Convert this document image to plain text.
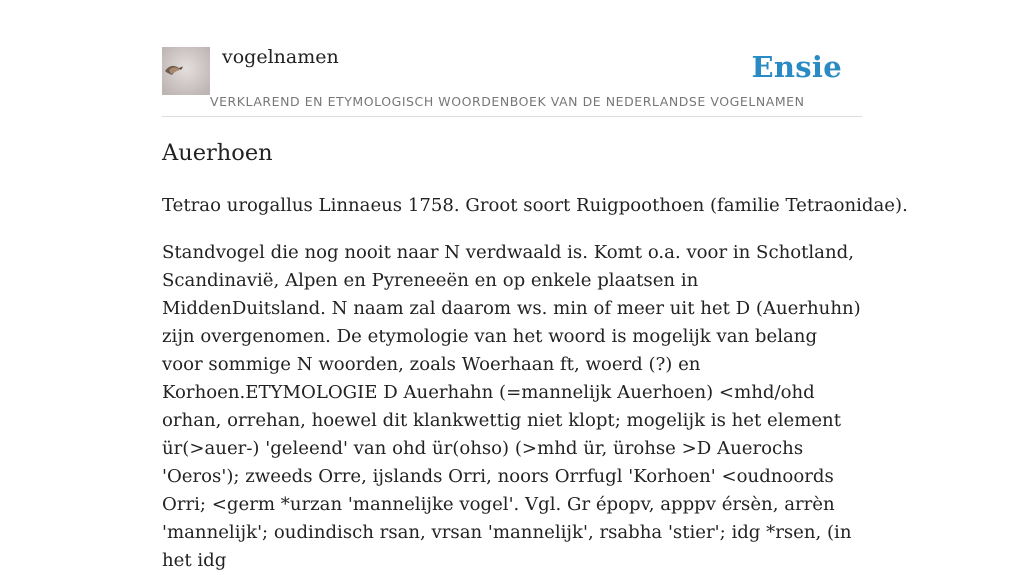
vogelnamen	Ensie
VERKLAREND EN ETYMOLOGISCH WOORDENBOEK VAN DE NEDERLANDSE VOGELNAMEN
Auerhoen

Tetrao urogallus Linnaeus 1758. Groot soort Ruigpoothoen (familie Tetraonidae).

Standvogel die nog nooit naar N verdwaald is. Komt o.a. voor in Schotland, Scandinavië, Alpen en Pyreneeën en op enkele plaatsen in MiddenDuitsland. N naam zal daarom ws. min of meer uit het D (Auerhuhn) zijn overgenomen. De etymologie van het woord is mogelijk van belang voor sommige N woorden, zoals Woerhaan ft, woerd (?) en Korhoen.ETYMOLOGIE D Auerhahn (=mannelijk Auerhoen) <mhd/ohd orhan, orrehan, hoewel dit klankwettig niet klopt; mogelijk is het element ür(>auer-) 'geleend' van ohd ür(ohso) (>mhd ür, ürohse >D Auerochs 'Oeros'); zweeds Orre, ijslands Orri, noors Orrfugl 'Korhoen' <oudnoords Orri; <germ *urzan 'mannelijke vogel'. Vgl. Gr épopv, apppv érsèn, arrèn 'mannelijk'; oudindisch rsan, vrsan 'mannelijk', rsabha 'stier'; idg *rsen, (in het idg
